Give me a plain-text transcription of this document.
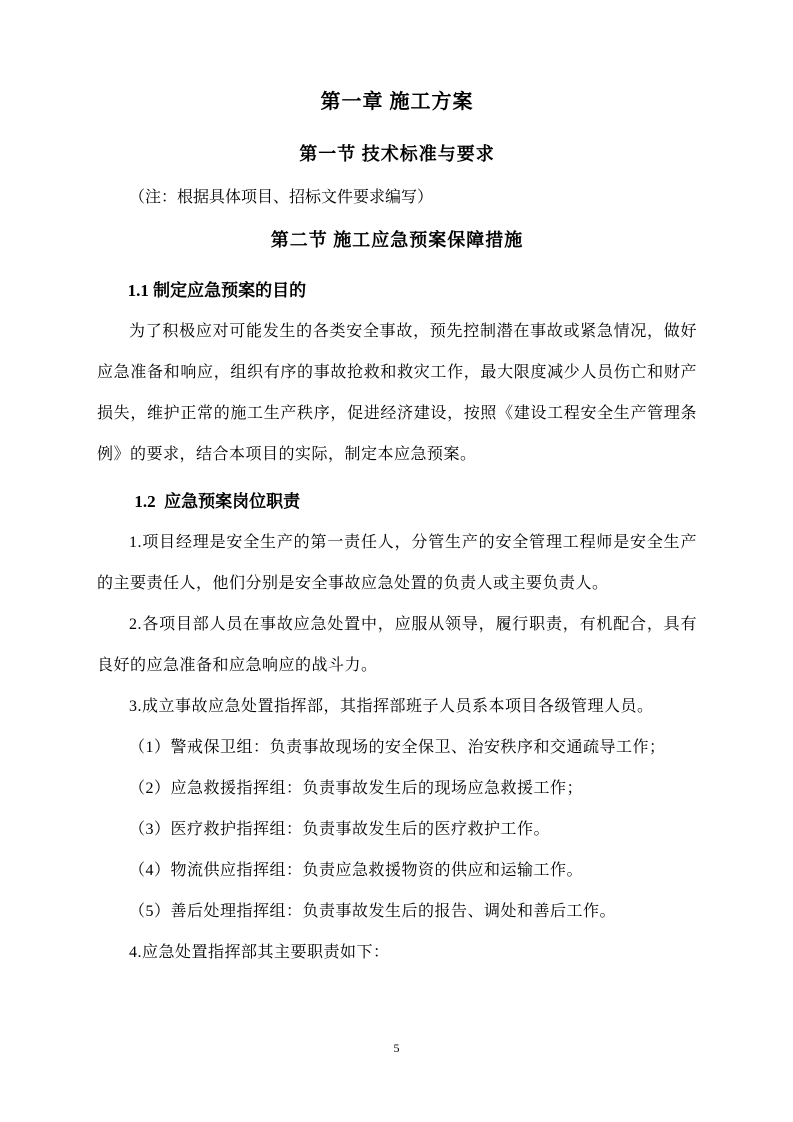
第一章 施工方案
第一节 技术标准与要求

（注：根据具体项目、招标文件要求编写）

第二节 施工应急预案保障措施
1.1 制定应急预案的目的

为了积极应对可能发生的各类安全事故，预先控制潜在事故或紧急情况，做好应急准备和响应，组织有序的事故抢救和救灾工作，最大限度减少人员伤亡和财产损失，维护正常的施工生产秩序，促进经济建设，按照《建设工程安全生产管理条例》的要求，结合本项目的实际，制定本应急预案。

1.2  应急预案岗位职责

1.项目经理是安全生产的第一责任人，分管生产的安全管理工程师是安全生产的主要责任人，他们分别是安全事故应急处置的负责人或主要负责人。

2.各项目部人员在事故应急处置中，应服从领导，履行职责，有机配合，具有良好的应急准备和应急响应的战斗力。

3.成立事故应急处置指挥部，其指挥部班子人员系本项目各级管理人员。

（1）警戒保卫组：负责事故现场的安全保卫、治安秩序和交通疏导工作；

（2）应急救援指挥组：负责事故发生后的现场应急救援工作；

（3）医疗救护指挥组：负责事故发生后的医疗救护工作。

（4）物流供应指挥组：负责应急救援物资的供应和运输工作。

（5）善后处理指挥组：负责事故发生后的报告、调处和善后工作。

4.应急处置指挥部其主要职责如下：

5
